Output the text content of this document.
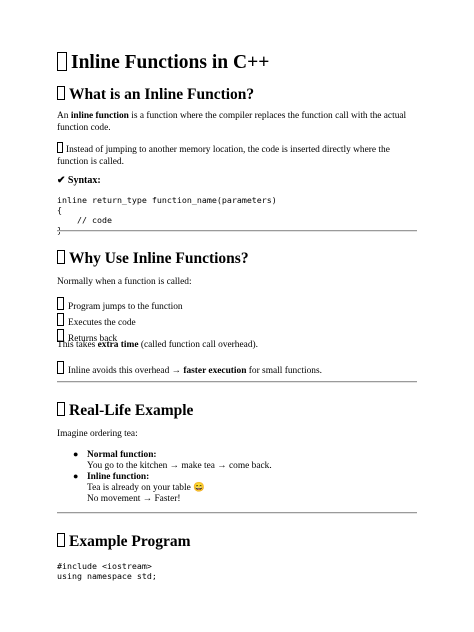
Inline Functions in C++
What is an Inline Function?
An inline function is a function where the compiler replaces the function call with the actual function code.
Instead of jumping to another memory location, the code is inserted directly where the function is called.
✔ Syntax:
inline return_type function_name(parameters)
{
// code
}
Why Use Inline Functions?
Normally when a function is called:
Program jumps to the function
Executes the code
Returns back
This takes extra time (called function call overhead).
Inline avoids this overhead → faster execution for small functions.
Real-Life Example
Imagine ordering tea:
● Normal function:
You go to the kitchen → make tea → come back.
● Inline function:
Tea is already on your table 😄
No movement → Faster!
Example Program
#include <iostream>
using namespace std;
